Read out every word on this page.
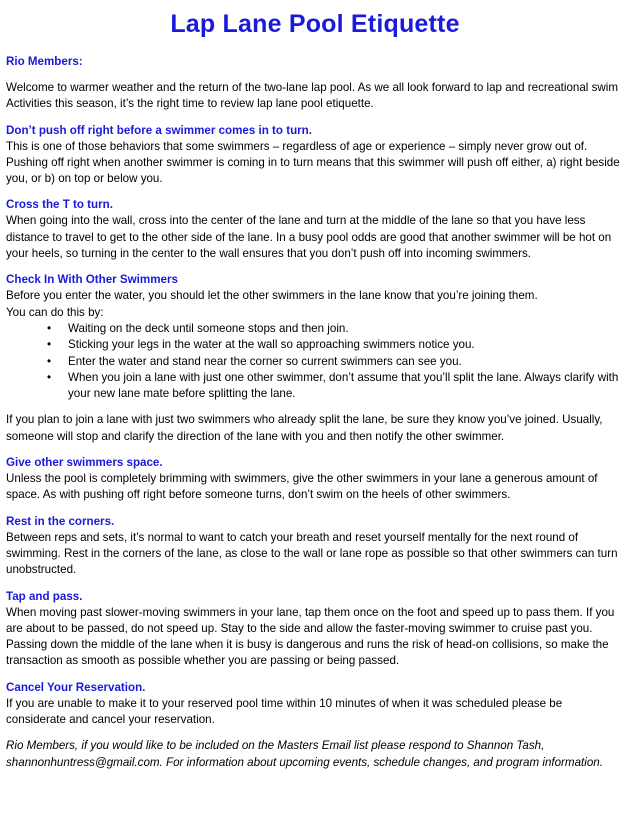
Lap Lane Pool Etiquette
Rio Members:

Welcome to warmer weather and the return of the two-lane lap pool. As we all look forward to lap and recreational swim Activities this season, it’s the right time to review lap lane pool etiquette.

Don’t push off right before a swimmer comes in to turn.

This is one of those behaviors that some swimmers – regardless of age or experience – simply never grow out of. Pushing off right when another swimmer is coming in to turn means that this swimmer will push off either, a) right beside you, or b) on top or below you.

Cross the T to turn.

When going into the wall, cross into the center of the lane and turn at the middle of the lane so that you have less distance to travel to get to the other side of the lane. In a busy pool odds are good that another swimmer will be hot on your heels, so turning in the center to the wall ensures that you don’t push off into incoming swimmers.

Check In With Other Swimmers

Before you enter the water, you should let the other swimmers in the lane know that you’re joining them.

You can do this by:

• Waiting on the deck until someone stops and then join.
• Sticking your legs in the water at the wall so approaching swimmers notice you.
• Enter the water and stand near the corner so current swimmers can see you.
• When you join a lane with just one other swimmer, don’t assume that you’ll split the lane. Always clarify with your new lane mate before splitting the lane.

If you plan to join a lane with just two swimmers who already split the lane, be sure they know you’ve joined. Usually, someone will stop and clarify the direction of the lane with you and then notify the other swimmer.

Give other swimmers space.

Unless the pool is completely brimming with swimmers, give the other swimmers in your lane a generous amount of space. As with pushing off right before someone turns, don’t swim on the heels of other swimmers.

Rest in the corners.

Between reps and sets, it’s normal to want to catch your breath and reset yourself mentally for the next round of swimming. Rest in the corners of the lane, as close to the wall or lane rope as possible so that other swimmers can turn unobstructed.

Tap and pass.

When moving past slower-moving swimmers in your lane, tap them once on the foot and speed up to pass them. If you are about to be passed, do not speed up. Stay to the side and allow the faster-moving swimmer to cruise past you. Passing down the middle of the lane when it is busy is dangerous and runs the risk of head-on collisions, so make the transaction as smooth as possible whether you are passing or being passed.

Cancel Your Reservation.

If you are unable to make it to your reserved pool time within 10 minutes of when it was scheduled please be considerate and cancel your reservation.

Rio Members, if you would like to be included on the Masters Email list please respond to Shannon Tash, shannonhuntress@gmail.com. For information about upcoming events, schedule changes, and program information.
